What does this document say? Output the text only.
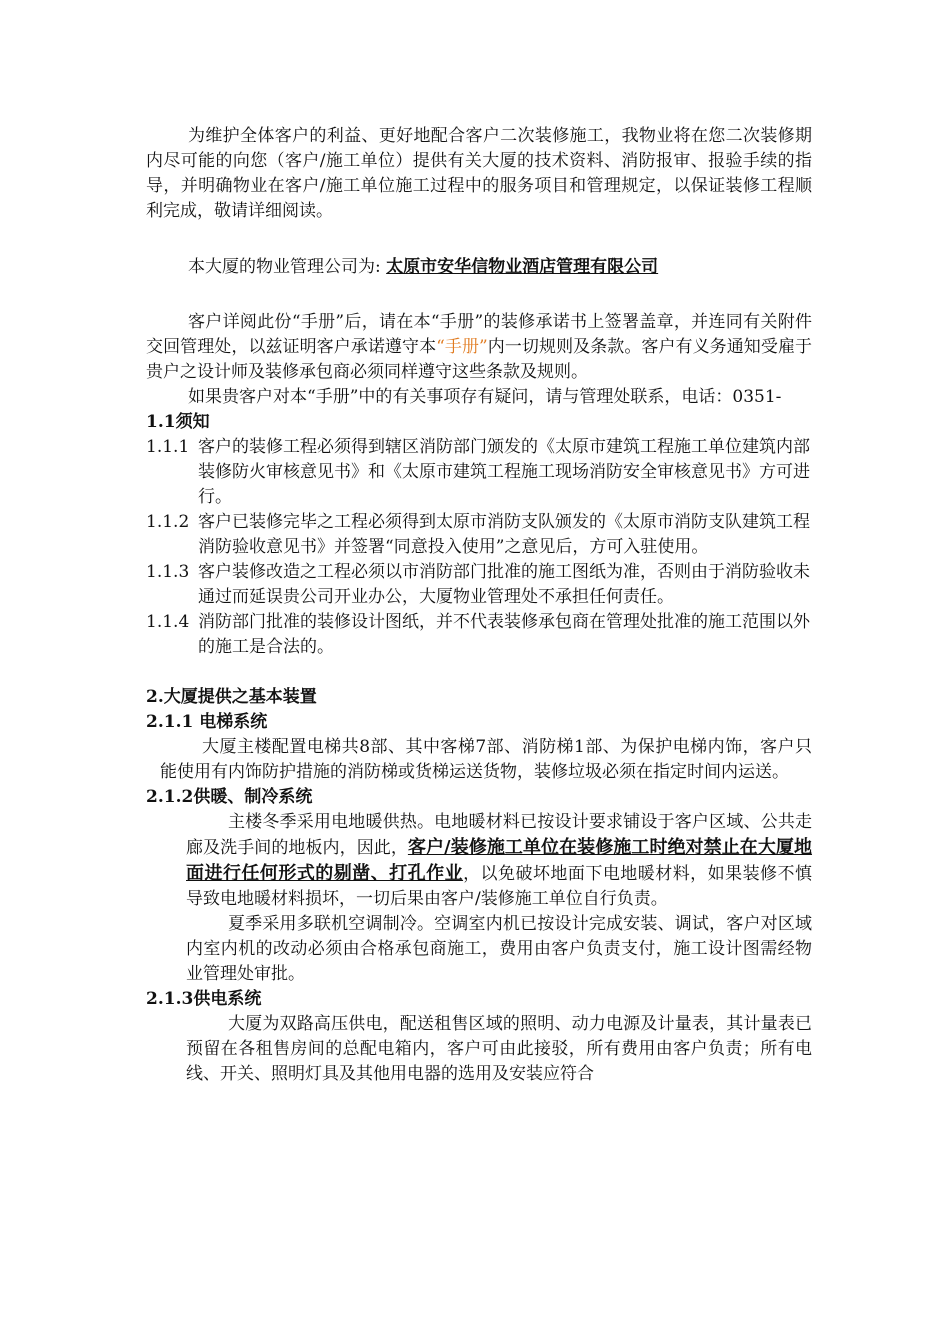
为维护全体客户的利益、更好地配合客户二次装修施工，我物业将在您二次装修期内尽可能的向您（客户/施工单位）提供有关大厦的技术资料、消防报审、报验手续的指导，并明确物业在客户/施工单位施工过程中的服务项目和管理规定，以保证装修工程顺利完成，敬请详细阅读。

本大厦的物业管理公司为: 太原市安华信物业酒店管理有限公司

客户详阅此份“手册”后，请在本“手册”的装修承诺书上签署盖章，并连同有关附件交回管理处，以兹证明客户承诺遵守本“手册”内一切规则及条款。客户有义务通知受雇于贵户之设计师及装修承包商必须同样遵守这些条款及规则。

如果贵客户对本“手册”中的有关事项存有疑问，请与管理处联系，电话：0351-

1.1须知

1.1.1 客户的装修工程必须得到辖区消防部门颁发的《太原市建筑工程施工单位建筑内部装修防火审核意见书》和《太原市建筑工程施工现场消防安全审核意见书》方可进行。
1.1.2 客户已装修完毕之工程必须得到太原市消防支队颁发的《太原市消防支队建筑工程消防验收意见书》并签署“同意投入使用”之意见后，方可入驻使用。
1.1.3 客户装修改造之工程必须以市消防部门批准的施工图纸为准，否则由于消防验收未通过而延误贵公司开业办公，大厦物业管理处不承担任何责任。
1.1.4 消防部门批准的装修设计图纸，并不代表装修承包商在管理处批准的施工范围以外的施工是合法的。

2.大厦提供之基本装置

2.1.1 电梯系统

大厦主楼配置电梯共8部、其中客梯7部、消防梯1部、为保护电梯内饰，客户只能使用有内饰防护措施的消防梯或货梯运送货物，装修垃圾必须在指定时间内运送。

2.1.2供暖、制冷系统

主楼冬季采用电地暖供热。电地暖材料已按设计要求铺设于客户区域、公共走廊及洗手间的地板内，因此，客户/装修施工单位在装修施工时绝对禁止在大厦地面进行任何形式的剔凿、打孔作业，以免破坏地面下电地暖材料，如果装修不慎导致电地暖材料损坏，一切后果由客户/装修施工单位自行负责。

夏季采用多联机空调制冷。空调室内机已按设计完成安装、调试，客户对区域内室内机的改动必须由合格承包商施工，费用由客户负责支付，施工设计图需经物业管理处审批。

2.1.3供电系统

大厦为双路高压供电，配送租售区域的照明、动力电源及计量表，其计量表已预留在各租售房间的总配电箱内，客户可由此接驳，所有费用由客户负责；所有电线、开关、照明灯具及其他用电器的选用及安装应符合
